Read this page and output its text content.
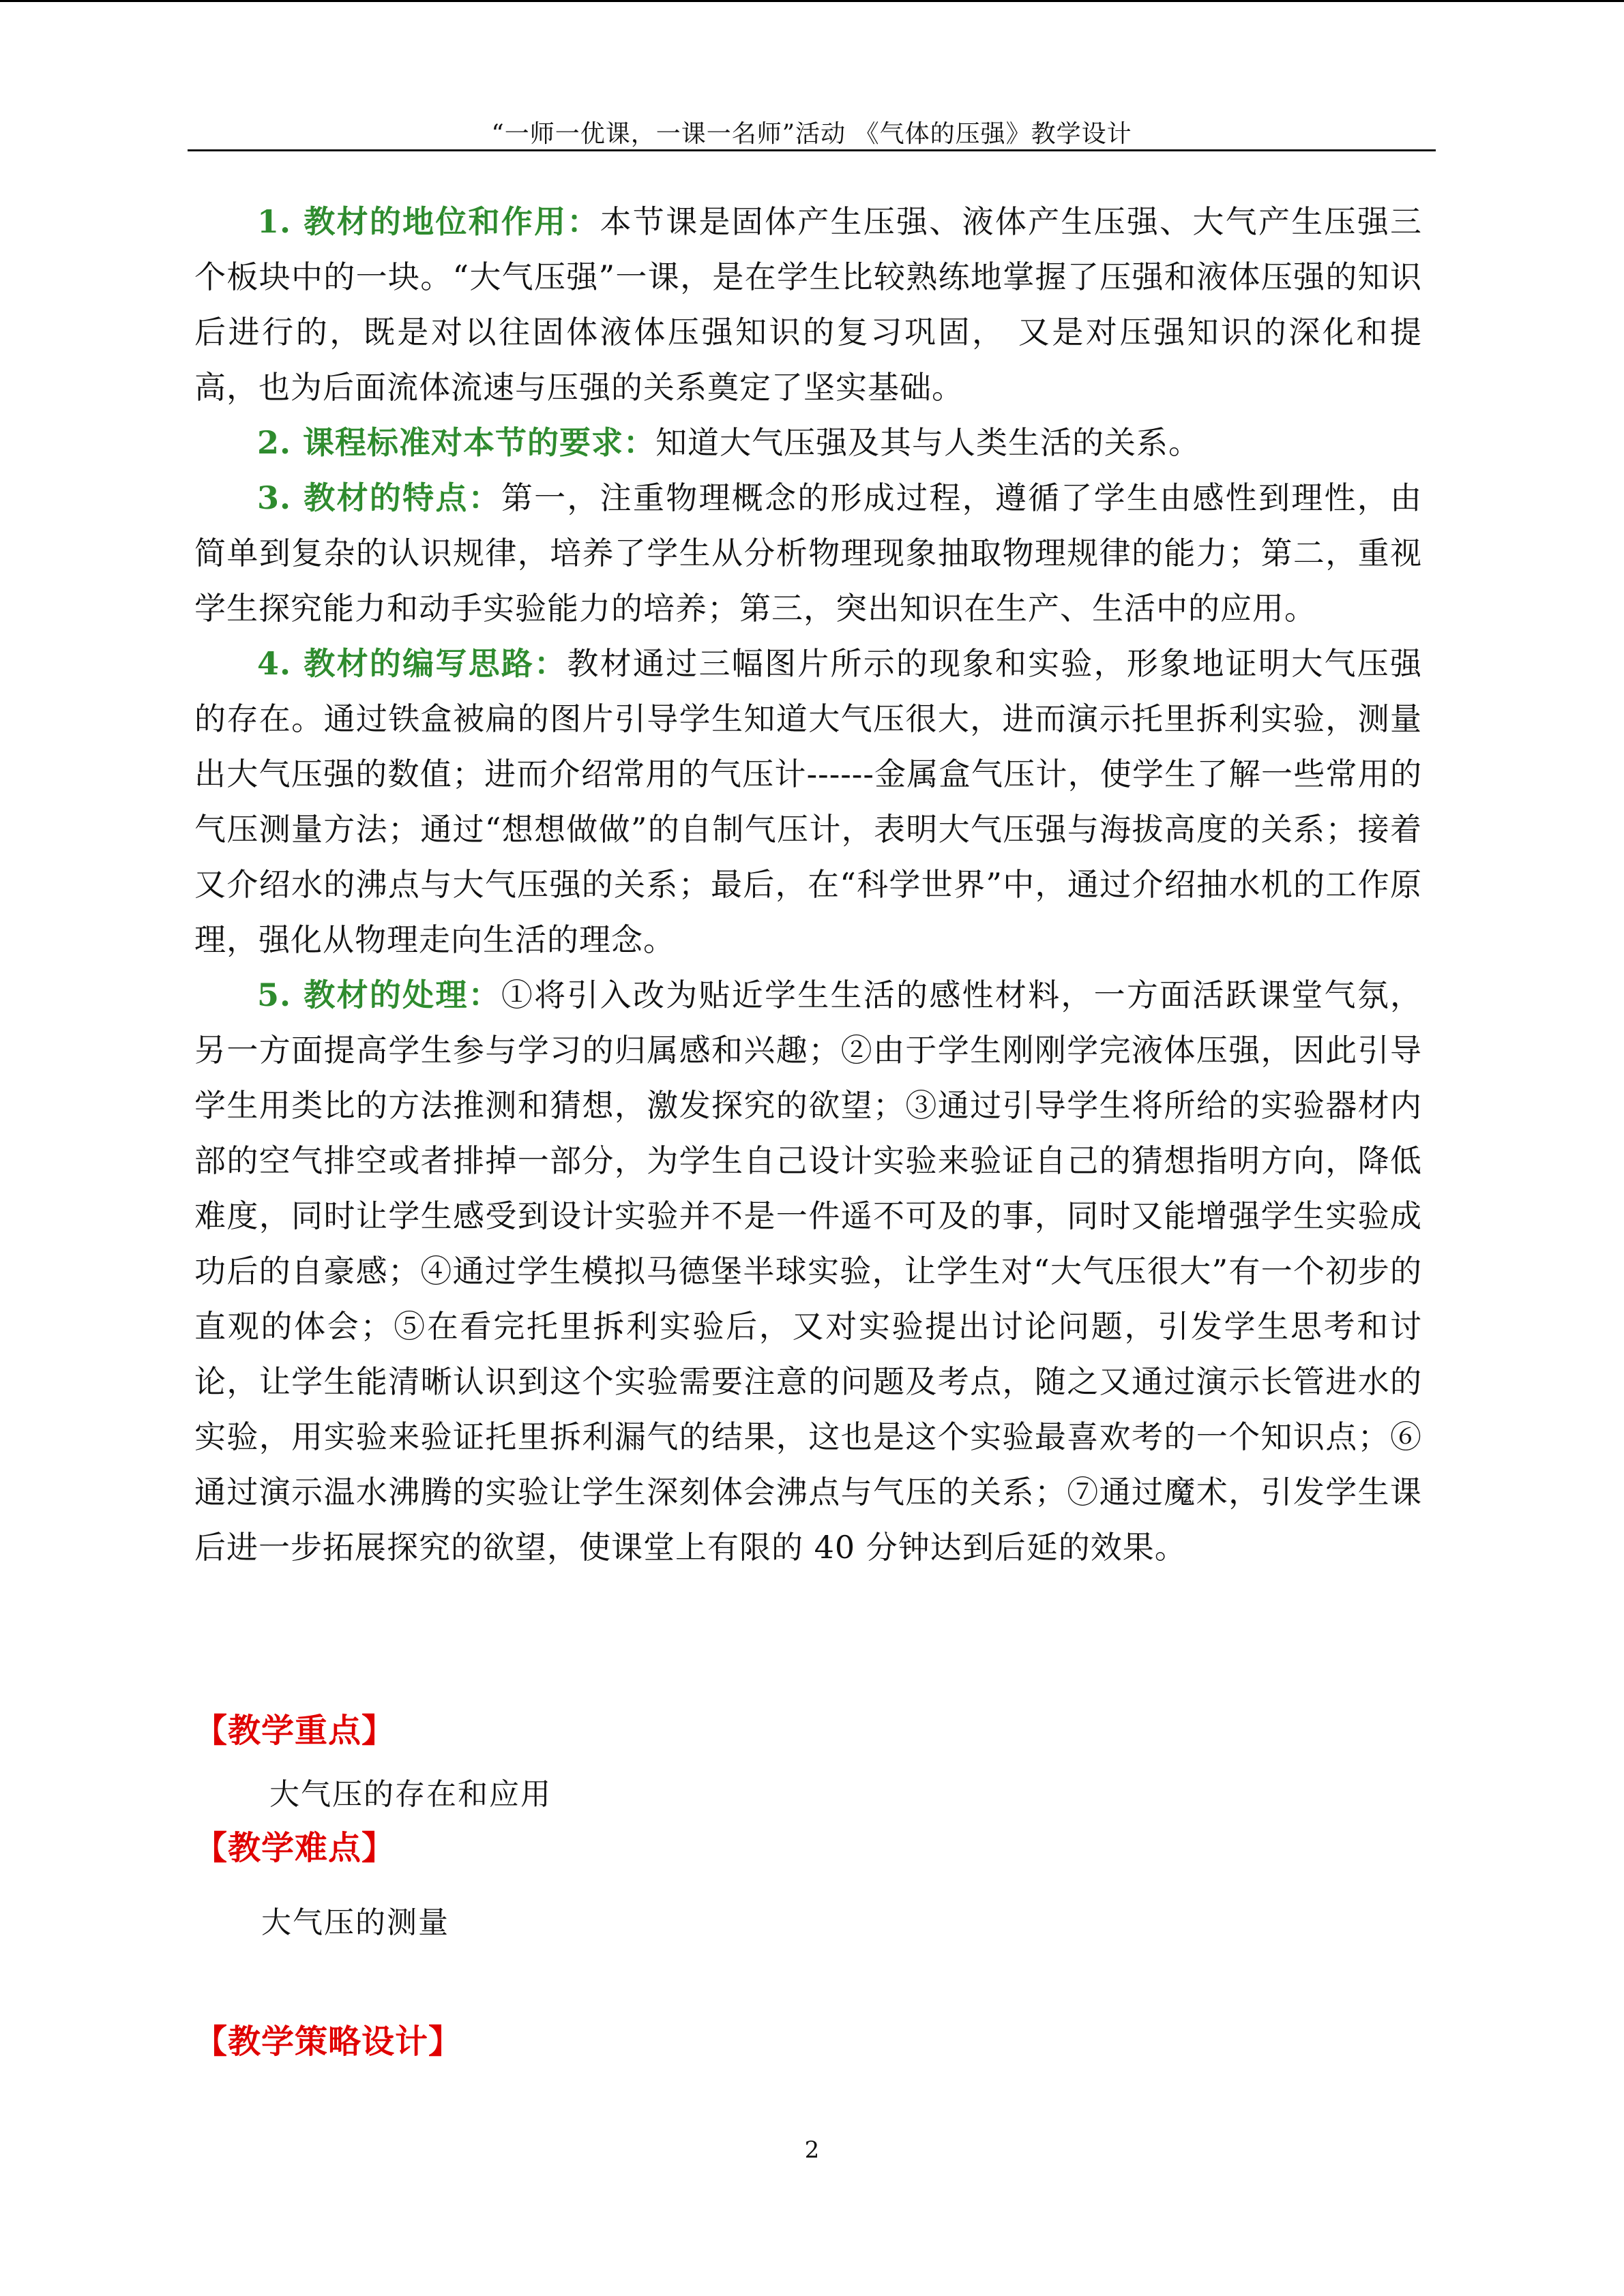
“一师一优课，一课一名师”活动 《气体的压强》教学设计

1. 教材的地位和作用：本节课是固体产生压强、液体产生压强、大气产生压强三个板块中的一块。“大气压强”一课，是在学生比较熟练地掌握了压强和液体压强的知识后进行的，既是对以往固体液体压强知识的复习巩固， 又是对压强知识的深化和提高，也为后面流体流速与压强的关系奠定了坚实基础。

2. 课程标准对本节的要求：知道大气压强及其与人类生活的关系。

3. 教材的特点：第一，注重物理概念的形成过程，遵循了学生由感性到理性，由简单到复杂的认识规律，培养了学生从分析物理现象抽取物理规律的能力；第二，重视学生探究能力和动手实验能力的培养；第三，突出知识在生产、生活中的应用。

4. 教材的编写思路：教材通过三幅图片所示的现象和实验，形象地证明大气压强的存在。通过铁盒被扁的图片引导学生知道大气压很大，进而演示托里拆利实验，测量出大气压强的数值；进而介绍常用的气压计------金属盒气压计，使学生了解一些常用的气压测量方法；通过“想想做做”的自制气压计，表明大气压强与海拔高度的关系；接着又介绍水的沸点与大气压强的关系；最后，在“科学世界”中，通过介绍抽水机的工作原理，强化从物理走向生活的理念。

5. 教材的处理：①将引入改为贴近学生生活的感性材料，一方面活跃课堂气氛，另一方面提高学生参与学习的归属感和兴趣；②由于学生刚刚学完液体压强，因此引导学生用类比的方法推测和猜想，激发探究的欲望；③通过引导学生将所给的实验器材内部的空气排空或者排掉一部分，为学生自己设计实验来验证自己的猜想指明方向，降低难度，同时让学生感受到设计实验并不是一件遥不可及的事，同时又能增强学生实验成功后的自豪感；④通过学生模拟马德堡半球实验，让学生对“大气压很大”有一个初步的直观的体会；⑤在看完托里拆利实验后，又对实验提出讨论问题，引发学生思考和讨论，让学生能清晰认识到这个实验需要注意的问题及考点，随之又通过演示长管进水的实验，用实验来验证托里拆利漏气的结果，这也是这个实验最喜欢考的一个知识点；⑥通过演示温水沸腾的实验让学生深刻体会沸点与气压的关系；⑦通过魔术，引发学生课后进一步拓展探究的欲望，使课堂上有限的 40 分钟达到后延的效果。

【教学重点】
大气压的存在和应用
【教学难点】
大气压的测量
【教学策略设计】
2
